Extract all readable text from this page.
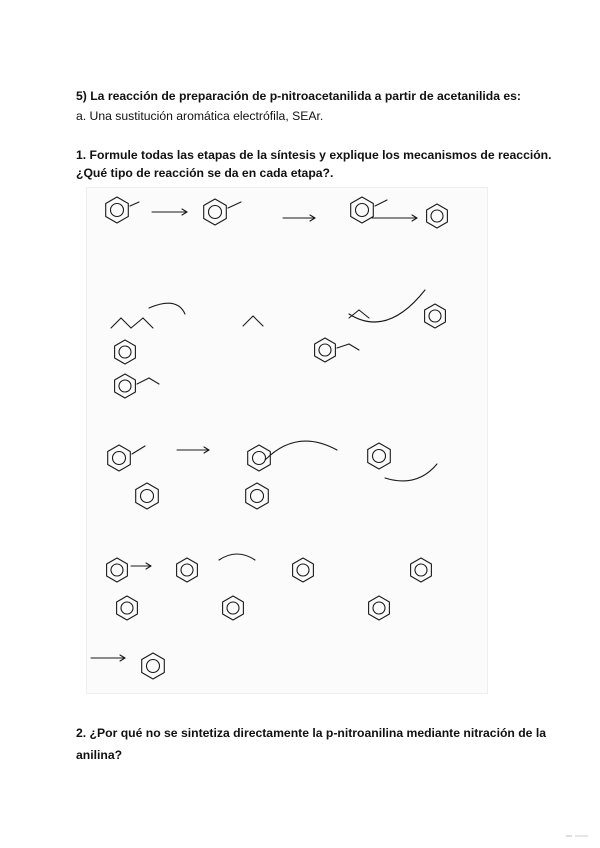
5) La reacción de preparación de p-nitroacetanilida a partir de acetanilida es:

a. Una sustitución aromática electrófila, SEAr.

1. Formule todas las etapas de la síntesis y explique los mecanismos de reacción. ¿Qué tipo de reacción se da en cada etapa?.

2. ¿Por qué no se sintetiza directamente la p-nitroanilina mediante nitración de la anilina?
